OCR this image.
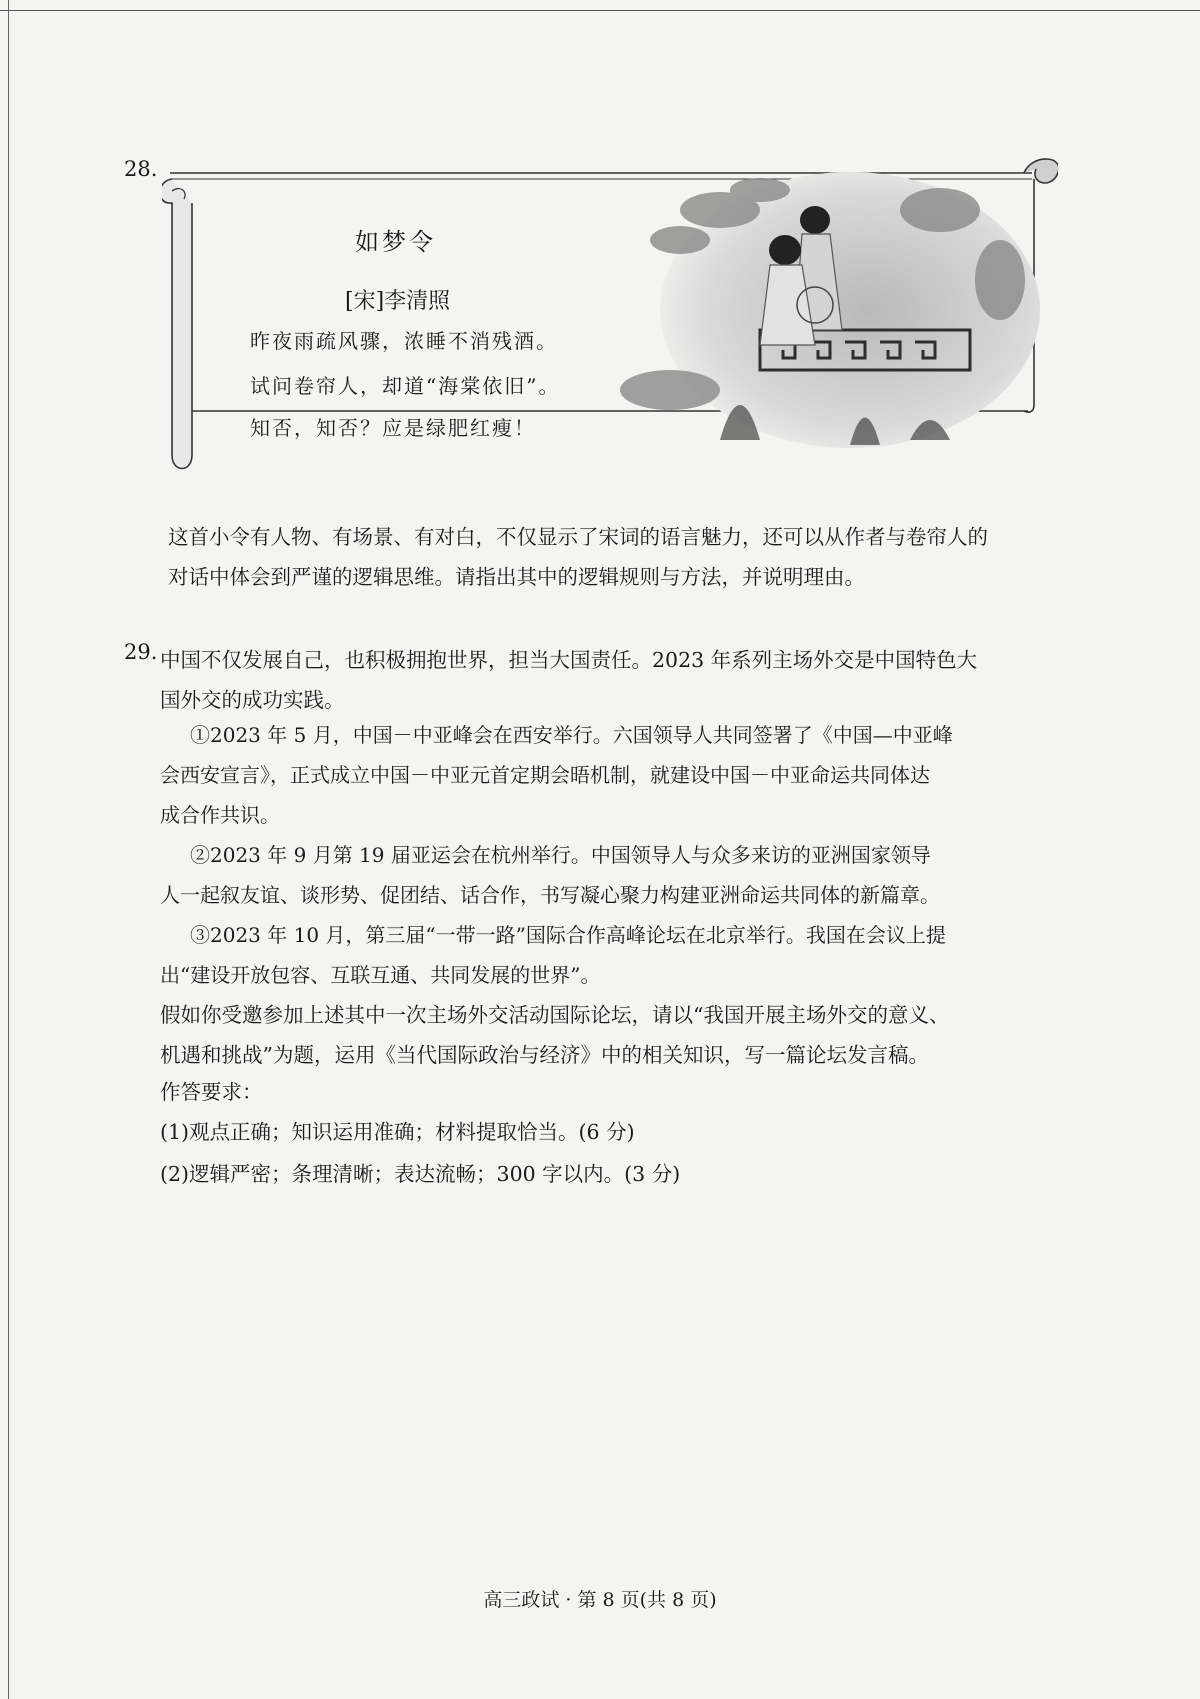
28.
如梦令
[宋]李清照
昨夜雨疏风骤，浓睡不消残酒。
试问卷帘人，却道“海棠依旧”。
知否，知否？应是绿肥红瘦！
这首小令有人物、有场景、有对白，不仅显示了宋词的语言魅力，还可以从作者与卷帘人的
对话中体会到严谨的逻辑思维。请指出其中的逻辑规则与方法，并说明理由。
29. 中国不仅发展自己，也积极拥抱世界，担当大国责任。2023 年系列主场外交是中国特色大
国外交的成功实践。
①2023 年 5 月，中国－中亚峰会在西安举行。六国领导人共同签署了《中国—中亚峰
会西安宣言》，正式成立中国－中亚元首定期会晤机制，就建设中国－中亚命运共同体达
成合作共识。
②2023 年 9 月第 19 届亚运会在杭州举行。中国领导人与众多来访的亚洲国家领导
人一起叙友谊、谈形势、促团结、话合作，书写凝心聚力构建亚洲命运共同体的新篇章。
③2023 年 10 月，第三届“一带一路”国际合作高峰论坛在北京举行。我国在会议上提
出“建设开放包容、互联互通、共同发展的世界”。
假如你受邀参加上述其中一次主场外交活动国际论坛，请以“我国开展主场外交的意义、
机遇和挑战”为题，运用《当代国际政治与经济》中的相关知识，写一篇论坛发言稿。
作答要求：
(1)观点正确；知识运用准确；材料提取恰当。(6 分)
(2)逻辑严密；条理清晰；表达流畅；300 字以内。(3 分)
高三政试 · 第 8 页(共 8 页)
